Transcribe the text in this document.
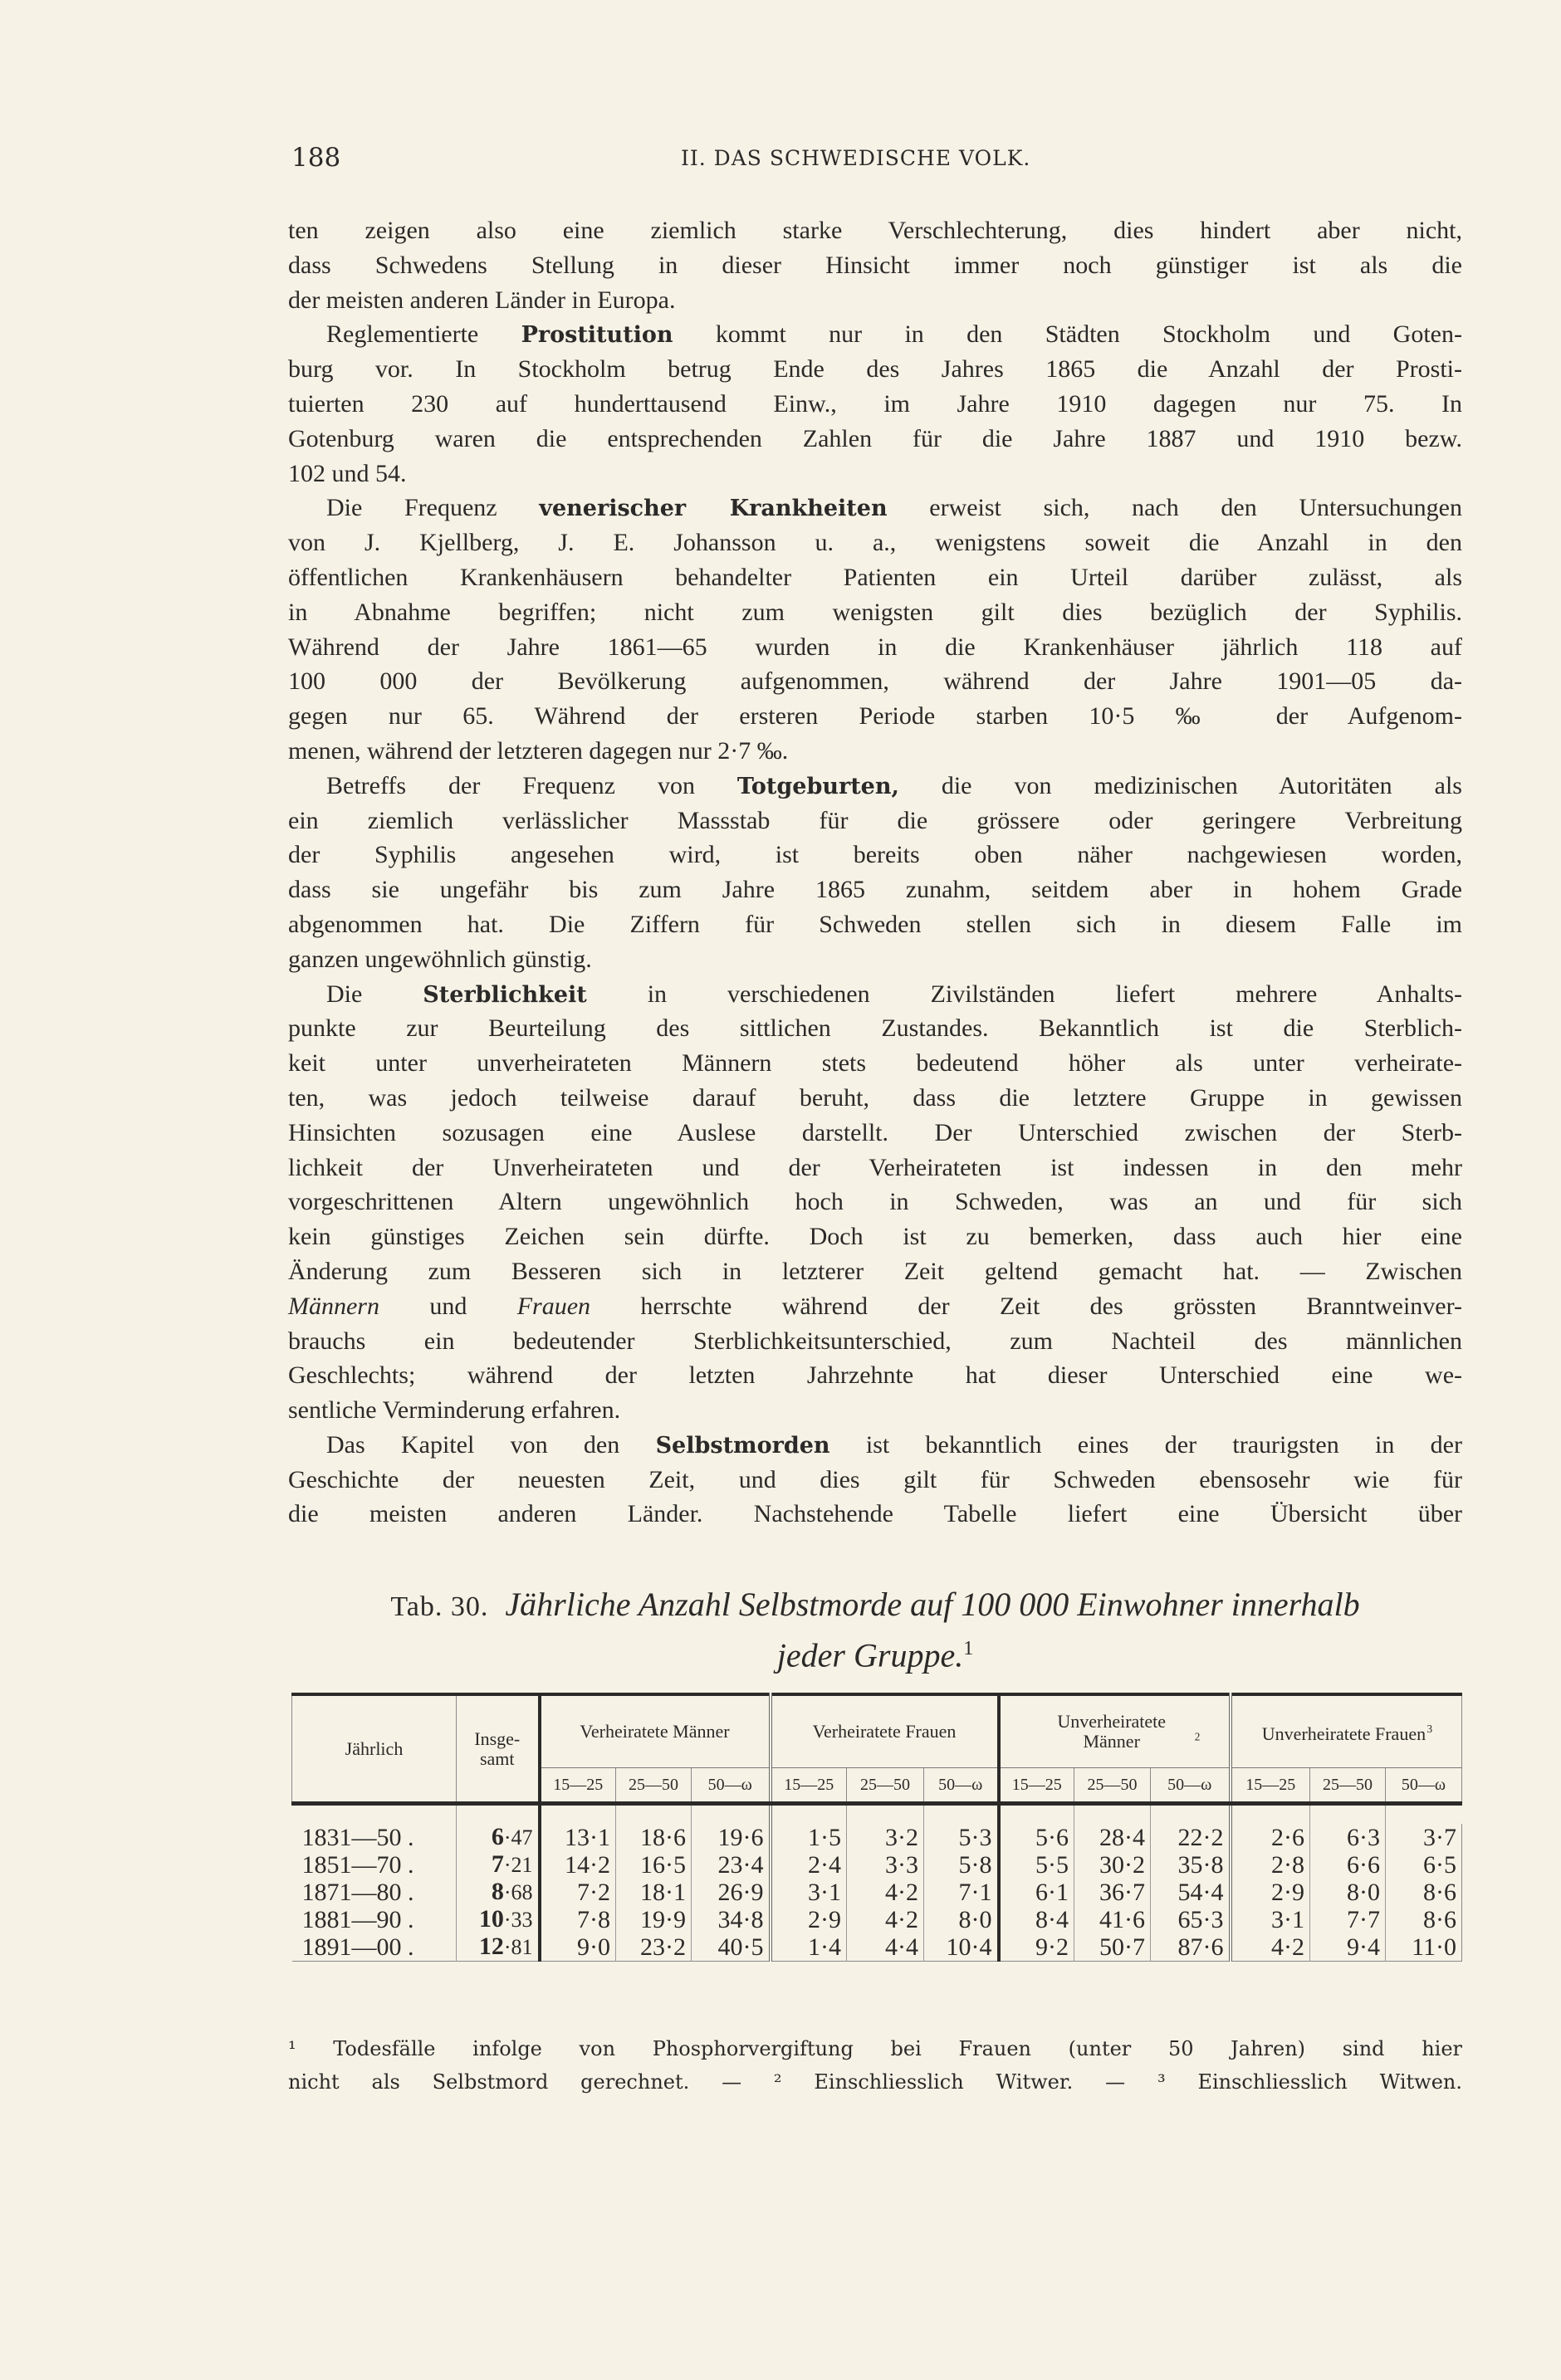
188	II. DAS SCHWEDISCHE VOLK.
ten zeigen also eine ziemlich starke Verschlechterung, dies hindert aber nicht,
dass Schwedens Stellung in dieser Hinsicht immer noch günstiger ist als die
der meisten anderen Länder in Europa.
Reglementierte Prostitution kommt nur in den Städten Stockholm und Goten-
burg vor. In Stockholm betrug Ende des Jahres 1865 die Anzahl der Prosti-
tuierten 230 auf hunderttausend Einw., im Jahre 1910 dagegen nur 75. In
Gotenburg waren die entsprechenden Zahlen für die Jahre 1887 und 1910 bezw.
102 und 54.
Die Frequenz venerischer Krankheiten erweist sich, nach den Untersuchungen
von J. Kjellberg, J. E. Johansson u. a., wenigstens soweit die Anzahl in den
öffentlichen Krankenhäusern behandelter Patienten ein Urteil darüber zulässt, als
in Abnahme begriffen; nicht zum wenigsten gilt dies bezüglich der Syphilis.
Während der Jahre 1861—65 wurden in die Krankenhäuser jährlich 118 auf
100 000 der Bevölkerung aufgenommen, während der Jahre 1901—05 da-
gegen nur 65. Während der ersteren Periode starben 10·5 ‰ der Aufgenom-
menen, während der letzteren dagegen nur 2·7 ‰.
Betreffs der Frequenz von Totgeburten, die von medizinischen Autoritäten als
ein ziemlich verlässlicher Massstab für die grössere oder geringere Verbreitung
der Syphilis angesehen wird, ist bereits oben näher nachgewiesen worden,
dass sie ungefähr bis zum Jahre 1865 zunahm, seitdem aber in hohem Grade
abgenommen hat. Die Ziffern für Schweden stellen sich in diesem Falle im
ganzen ungewöhnlich günstig.
Die Sterblichkeit in verschiedenen Zivilständen liefert mehrere Anhalts-
punkte zur Beurteilung des sittlichen Zustandes. Bekanntlich ist die Sterblich-
keit unter unverheirateten Männern stets bedeutend höher als unter verheirate-
ten, was jedoch teilweise darauf beruht, dass die letztere Gruppe in gewissen
Hinsichten sozusagen eine Auslese darstellt. Der Unterschied zwischen der Sterb-
lichkeit der Unverheirateten und der Verheirateten ist indessen in den mehr
vorgeschrittenen Altern ungewöhnlich hoch in Schweden, was an und für sich
kein günstiges Zeichen sein dürfte. Doch ist zu bemerken, dass auch hier eine
Änderung zum Besseren sich in letzterer Zeit geltend gemacht hat. — Zwischen
Männern und Frauen herrschte während der Zeit des grössten Branntweinver-
brauchs ein bedeutender Sterblichkeitsunterschied, zum Nachteil des männlichen
Geschlechts; während der letzten Jahrzehnte hat dieser Unterschied eine we-
sentliche Verminderung erfahren.
Das Kapitel von den Selbstmorden ist bekanntlich eines der traurigsten in der
Geschichte der neuesten Zeit, und dies gilt für Schweden ebensosehr wie für
die meisten anderen Länder. Nachstehende Tabelle liefert eine Übersicht über
Tab. 30. Jährliche Anzahl Selbstmorde auf 100 000 Einwohner innerhalb
jeder Gruppe.$^1$
Jährlich	Insge-
samt	Verheiratete Männer			Verheiratete Frauen			Unverheiratete Männer $^2$			Unverheiratete Frauen$^3$
		15—25	25—50	50—ω	15—25	25—50	50—ω	15—25	25—50	50—ω	15—25	25—50	50—ω

1831—50 .	6·47	13·1	18·6	19·6	1·5	3·2	5·3	5·6	28·4	22·2	2·6	6·3	3·7
1851—70 .	7·21	14·2	16·5	23·4	2·4	3·3	5·8	5·5	30·2	35·8	2·8	6·6	6·5
1871—80 .	8·68	7·2	18·1	26·9	3·1	4·2	7·1	6·1	36·7	54·4	2·9	8·0	8·6
1881—90 .	10·33	7·8	19·9	34·8	2·9	4·2	8·0	8·4	41·6	65·3	3·1	7·7	8·6
1891—00 .	12·81	9·0	23·2	40·5	1·4	4·4	10·4	9·2	50·7	87·6	4·2	9·4	11·0
¹ Todesfälle infolge von Phosphorvergiftung bei Frauen (unter 50 Jahren) sind hier
nicht als Selbstmord gerechnet. — ² Einschliesslich Witwer. — ³ Einschliesslich Witwen.
